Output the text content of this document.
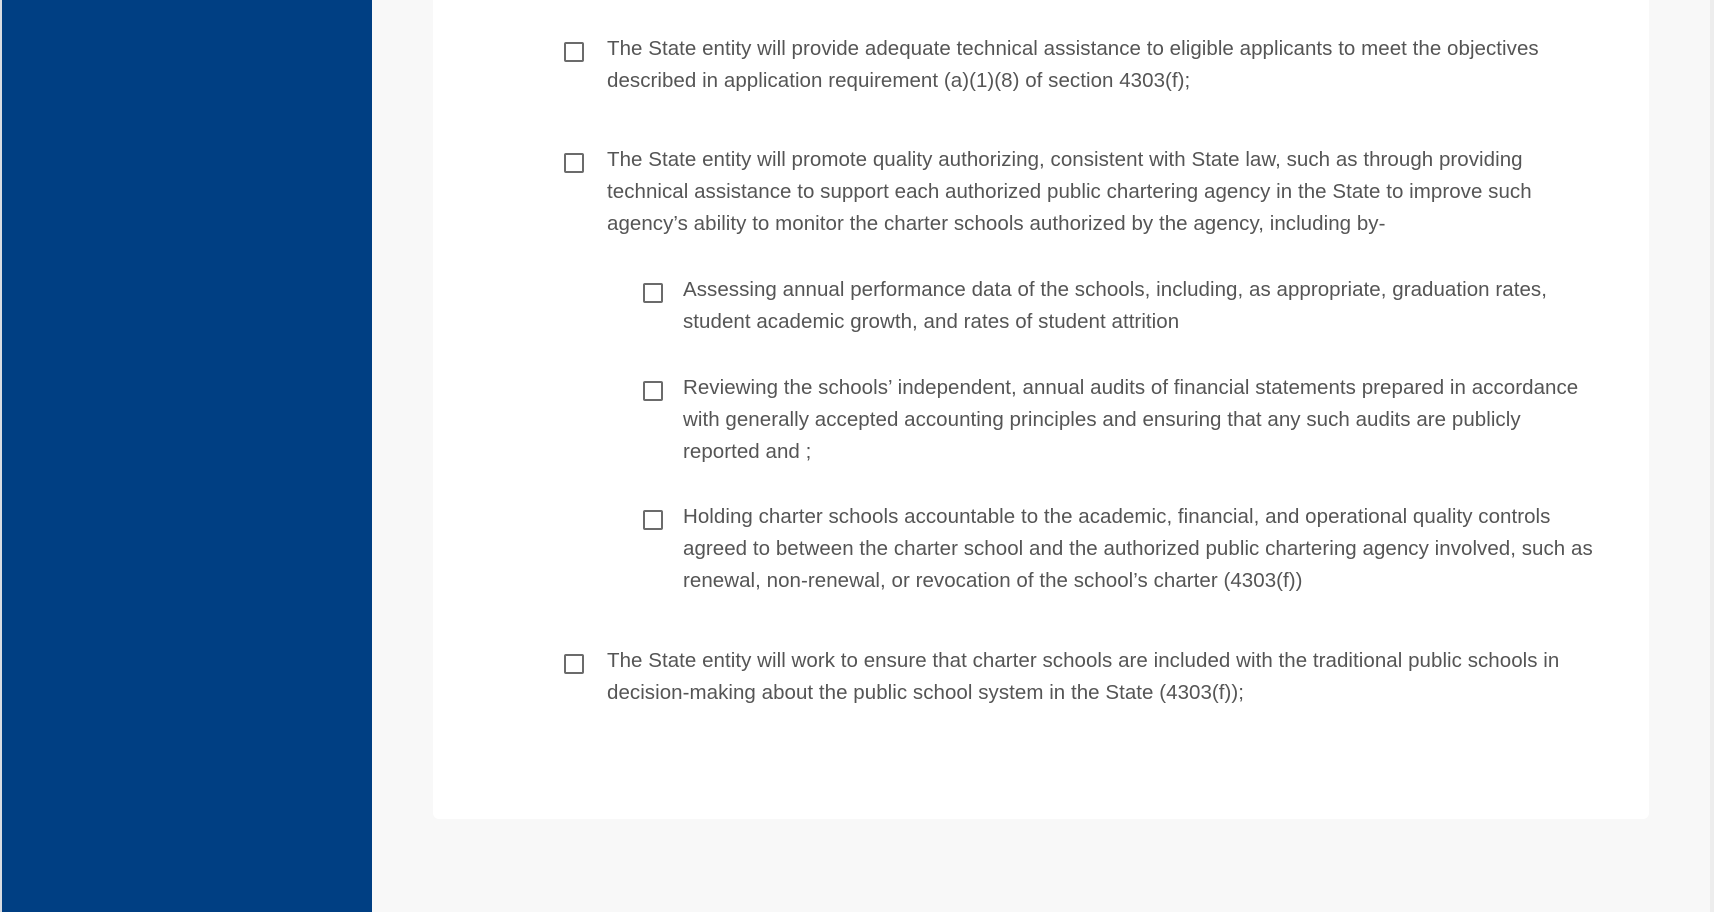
The State entity will provide adequate technical assistance to eligible applicants to meet the objectives described in application requirement (a)(1)(8) of section 4303(f);
The State entity will promote quality authorizing, consistent with State law, such as through providing technical assistance to support each authorized public chartering agency in the State to improve such agency’s ability to monitor the charter schools authorized by the agency, including by-
Assessing annual performance data of the schools, including, as appropriate, graduation rates, student academic growth, and rates of student attrition
Reviewing the schools’ independent, annual audits of financial statements prepared in accordance with generally accepted accounting principles and ensuring that any such audits are publicly reported and ;
Holding charter schools accountable to the academic, financial, and operational quality controls agreed to between the charter school and the authorized public chartering agency involved, such as renewal, non-renewal, or revocation of the school’s charter (4303(f))
The State entity will work to ensure that charter schools are included with the traditional public schools in decision-making about the public school system in the State (4303(f));
